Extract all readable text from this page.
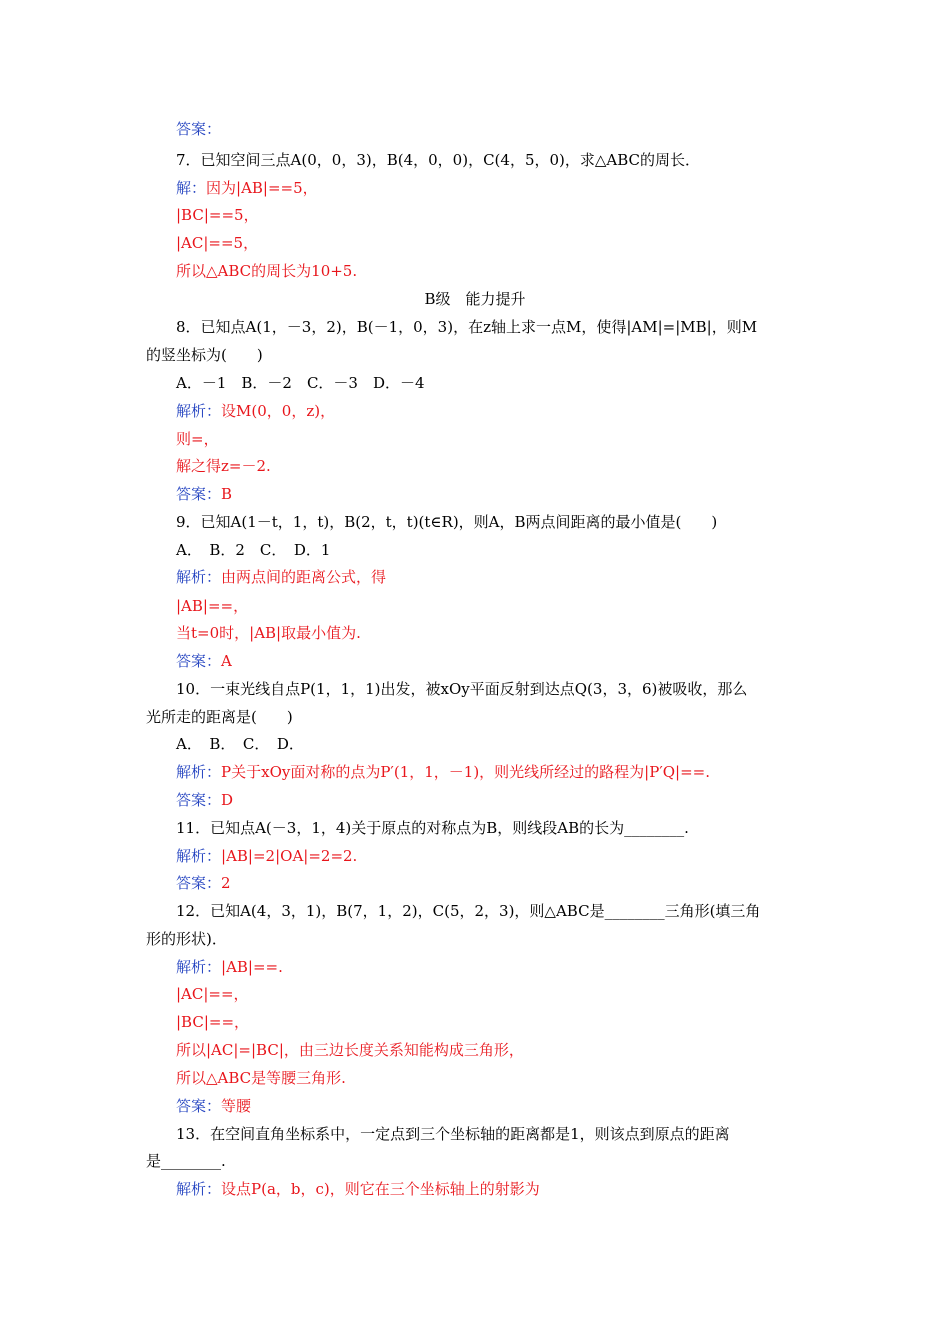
答案：
7．已知空间三点A(0，0，3)，B(4，0，0)，C(4，5，0)，求△ABC的周长．
解：因为|AB|==5，
|BC|==5，
|AC|==5，
所以△ABC的周长为10+5.
B级　能力提升
8．已知点A(1，－3，2)，B(－1，0，3)，在z轴上求一点M，使得|AM|=|MB|，则M
的竖坐标为(　　)
A．－1　B．－2　C．－3　D．－4
解析：设M(0，0，z)，
则=，
解之得z=－2.
答案：B
9．已知A(1－t，1，t)，B(2，t，t)(t∈R)，则A，B两点间距离的最小值是(　　)
A．　B．2　C．　D．1
解析：由两点间的距离公式，得
|AB|==，
当t=0时，|AB|取最小值为.
答案：A
10．一束光线自点P(1，1，1)出发，被xOy平面反射到达点Q(3，3，6)被吸收，那么
光所走的距离是(　　)
A．　B．　C．　D．
解析：P关于xOy面对称的点为P′(1，1，－1)，则光线所经过的路程为|P′Q|==.
答案：D
11．已知点A(－3，1，4)关于原点的对称点为B，则线段AB的长为________.
解析：|AB|=2|OA|=2=2.
答案：2
12．已知A(4，3，1)，B(7，1，2)，C(5，2，3)，则△ABC是________三角形(填三角
形的形状)．
解析：|AB|==.
|AC|==，
|BC|==，
所以|AC|=|BC|，由三边长度关系知能构成三角形，
所以△ABC是等腰三角形.
答案：等腰
13．在空间直角坐标系中，一定点到三个坐标轴的距离都是1，则该点到原点的距离
是________.
解析：设点P(a，b，c)，则它在三个坐标轴上的射影为
